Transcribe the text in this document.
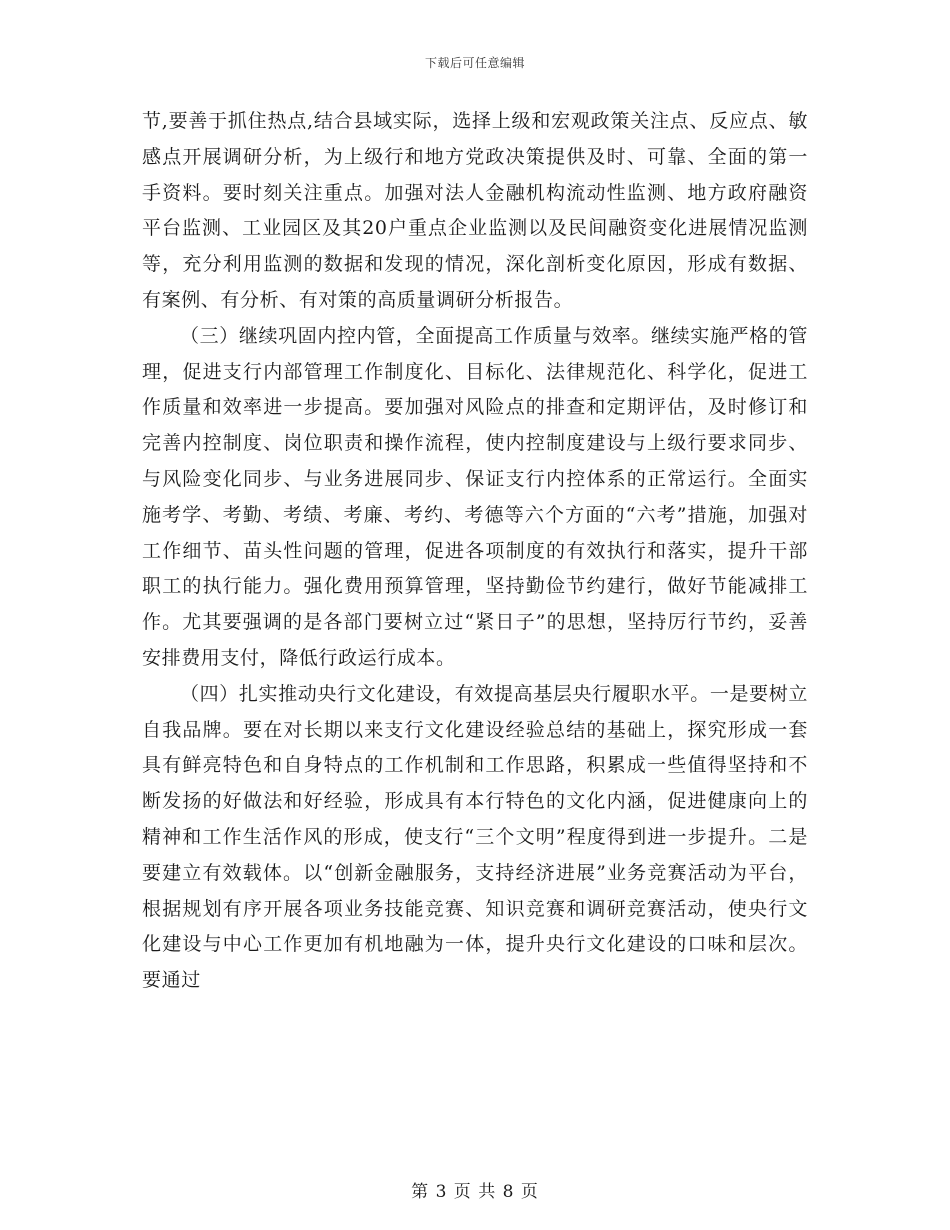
下载后可任意编辑

节,要善于抓住热点,结合县域实际，选择上级和宏观政策关注点、反应点、敏感点开展调研分析，为上级行和地方党政决策提供及时、可靠、全面的第一手资料。要时刻关注重点。加强对法人金融机构流动性监测、地方政府融资平台监测、工业园区及其20户重点企业监测以及民间融资变化进展情况监测等，充分利用监测的数据和发现的情况，深化剖析变化原因，形成有数据、有案例、有分析、有对策的高质量调研分析报告。

（三）继续巩固内控内管，全面提高工作质量与效率。继续实施严格的管理，促进支行内部管理工作制度化、目标化、法律规范化、科学化，促进工作质量和效率进一步提高。要加强对风险点的排查和定期评估，及时修订和完善内控制度、岗位职责和操作流程，使内控制度建设与上级行要求同步、与风险变化同步、与业务进展同步、保证支行内控体系的正常运行。全面实施考学、考勤、考绩、考廉、考约、考德等六个方面的“六考”措施，加强对工作细节、苗头性问题的管理，促进各项制度的有效执行和落实，提升干部职工的执行能力。强化费用预算管理，坚持勤俭节约建行，做好节能减排工作。尤其要强调的是各部门要树立过“紧日子”的思想，坚持厉行节约，妥善安排费用支付，降低行政运行成本。

（四）扎实推动央行文化建设，有效提高基层央行履职水平。一是要树立自我品牌。要在对长期以来支行文化建设经验总结的基础上，探究形成一套具有鲜亮特色和自身特点的工作机制和工作思路，积累成一些值得坚持和不断发扬的好做法和好经验，形成具有本行特色的文化内涵，促进健康向上的精神和工作生活作风的形成，使支行“三个文明”程度得到进一步提升。二是要建立有效载体。以“创新金融服务，支持经济进展”业务竞赛活动为平台，根据规划有序开展各项业务技能竞赛、知识竞赛和调研竞赛活动，使央行文化建设与中心工作更加有机地融为一体，提升央行文化建设的口味和层次。要通过

第 3 页 共 8 页
